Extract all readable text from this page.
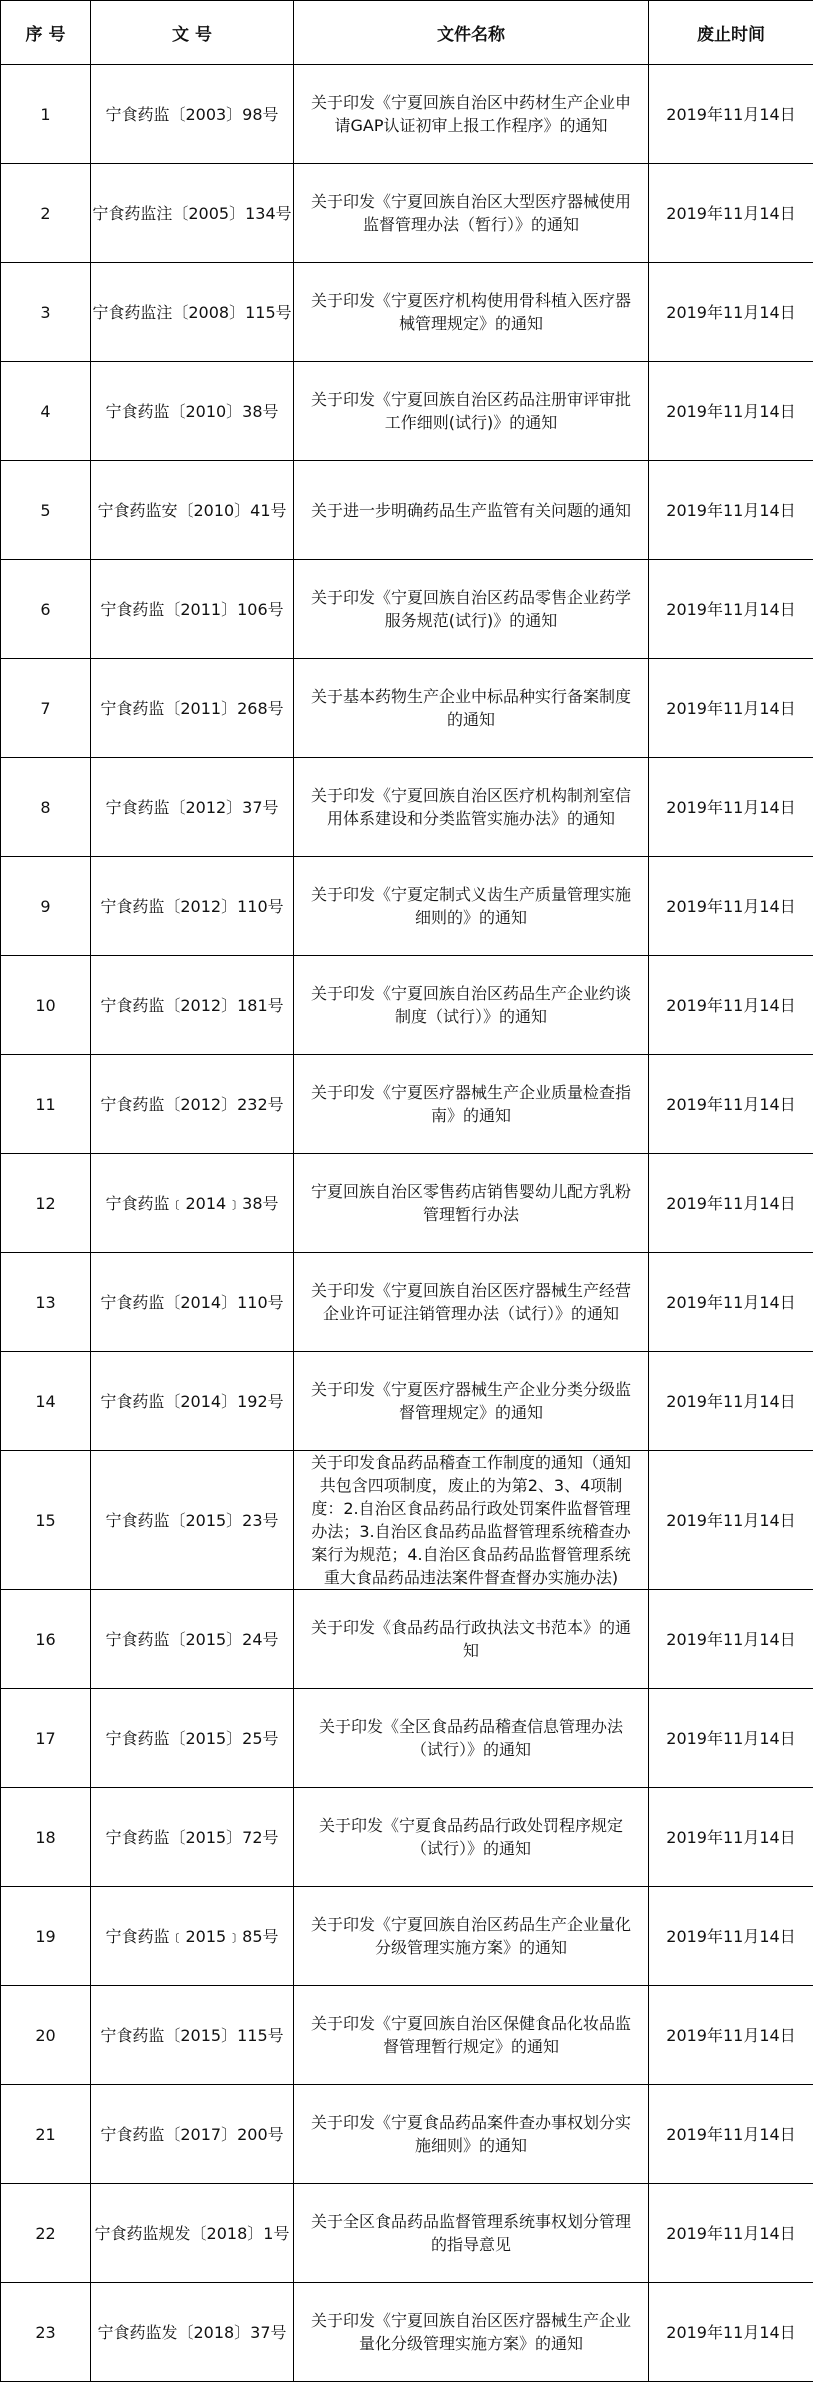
序 号	文 号	文件名称	废止时间
1	宁食药监〔2003〕98号	关于印发《宁夏回族自治区中药材生产企业申请GAP认证初审上报工作程序》的通知	2019年11月14日
2	宁食药监注〔2005〕134号	关于印发《宁夏回族自治区大型医疗器械使用监督管理办法（暂行）》的通知	2019年11月14日
3	宁食药监注〔2008〕115号	关于印发《宁夏医疗机构使用骨科植入医疗器械管理规定》的通知	2019年11月14日
4	宁食药监〔2010〕38号	关于印发《宁夏回族自治区药品注册审评审批工作细则(试行)》的通知	2019年11月14日
5	宁食药监安〔2010〕41号	关于进一步明确药品生产监管有关问题的通知	2019年11月14日
6	宁食药监〔2011〕106号	关于印发《宁夏回族自治区药品零售企业药学服务规范(试行)》的通知	2019年11月14日
7	宁食药监〔2011〕268号	关于基本药物生产企业中标品种实行备案制度的通知	2019年11月14日
8	宁食药监〔2012〕37号	关于印发《宁夏回族自治区医疗机构制剂室信用体系建设和分类监管实施办法》的通知	2019年11月14日
9	宁食药监〔2012〕110号	关于印发《宁夏定制式义齿生产质量管理实施细则的》的通知	2019年11月14日
10	宁食药监〔2012〕181号	关于印发《宁夏回族自治区药品生产企业约谈制度（试行）》的通知	2019年11月14日
11	宁食药监〔2012〕232号	关于印发《宁夏医疗器械生产企业质量检查指南》的通知	2019年11月14日
12	宁食药监﹝2014﹞38号	宁夏回族自治区零售药店销售婴幼儿配方乳粉管理暂行办法	2019年11月14日
13	宁食药监〔2014〕110号	关于印发《宁夏回族自治区医疗器械生产经营企业许可证注销管理办法（试行）》的通知	2019年11月14日
14	宁食药监〔2014〕192号	关于印发《宁夏医疗器械生产企业分类分级监督管理规定》的通知	2019年11月14日
15	宁食药监〔2015〕23号	关于印发食品药品稽查工作制度的通知（通知共包含四项制度，废止的为第2、3、4项制度：2.自治区食品药品行政处罚案件监督管理办法；3.自治区食品药品监督管理系统稽查办案行为规范；4.自治区食品药品监督管理系统重大食品药品违法案件督查督办实施办法)	2019年11月14日
16	宁食药监〔2015〕24号	关于印发《食品药品行政执法文书范本》的通知	2019年11月14日
17	宁食药监〔2015〕25号	关于印发《全区食品药品稽查信息管理办法（试行）》的通知	2019年11月14日
18	宁食药监〔2015〕72号	关于印发《宁夏食品药品行政处罚程序规定（试行）》的通知	2019年11月14日
19	宁食药监﹝2015﹞85号	关于印发《宁夏回族自治区药品生产企业量化分级管理实施方案》的通知	2019年11月14日
20	宁食药监〔2015〕115号	关于印发《宁夏回族自治区保健食品化妆品监督管理暂行规定》的通知	2019年11月14日
21	宁食药监〔2017〕200号	关于印发《宁夏食品药品案件查办事权划分实施细则》的通知	2019年11月14日
22	宁食药监规发〔2018〕1号	关于全区食品药品监督管理系统事权划分管理的指导意见	2019年11月14日
23	宁食药监发〔2018〕37号	关于印发《宁夏回族自治区医疗器械生产企业量化分级管理实施方案》的通知	2019年11月14日
